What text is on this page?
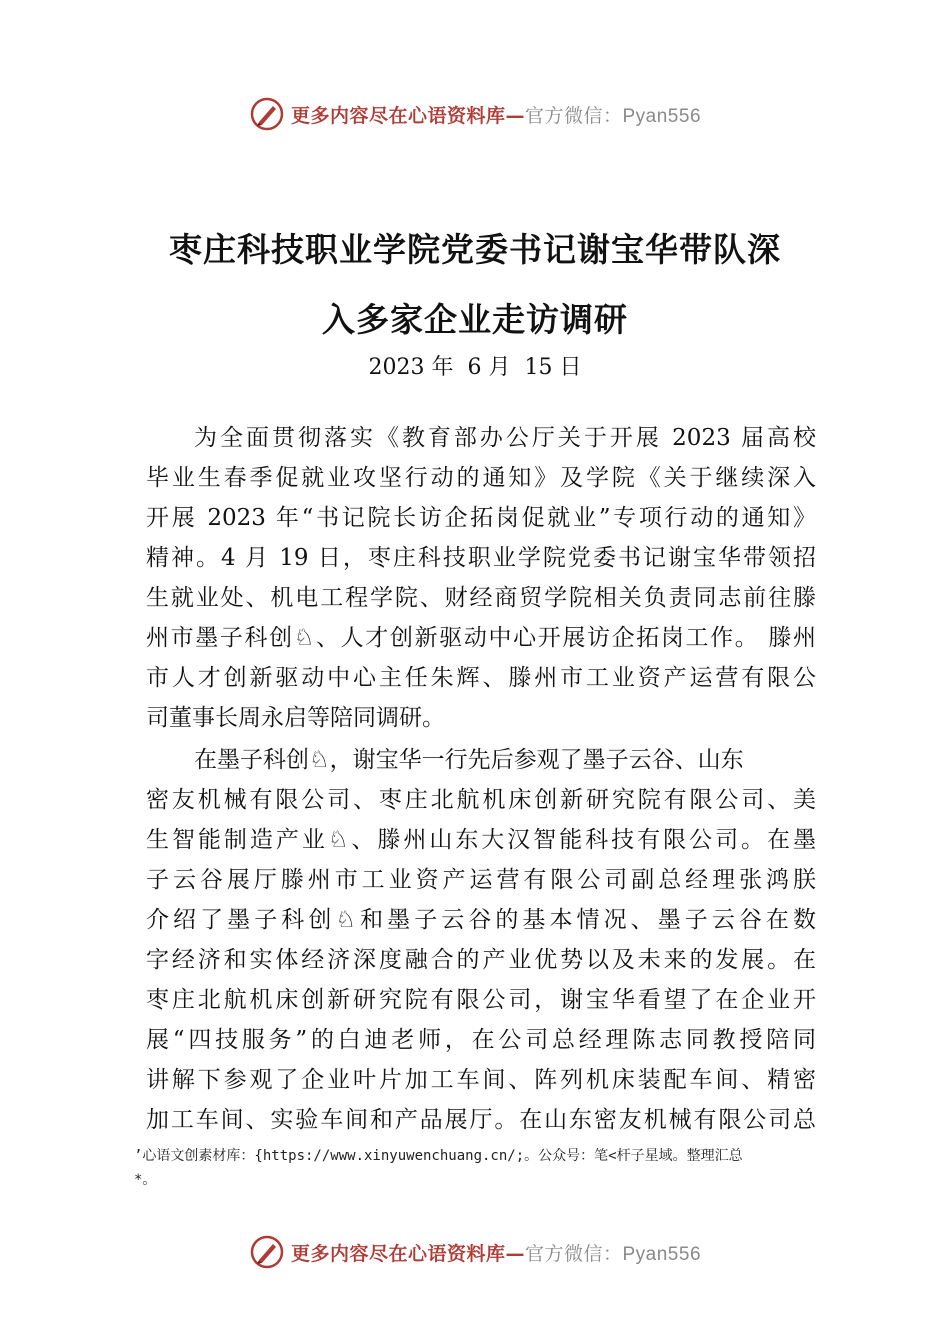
更多内容尽在心语资料库—官方微信：Pyan556
枣庄科技职业学院党委书记谢宝华带队深
入多家企业走访调研
2023 年  6 月  15 日
为全面贯彻落实《教育部办公厅关于开展 2023 届高校
毕业生春季促就业攻坚行动的通知》及学院《关于继续深入
开展 2023 年“书记院长访企拓岗促就业”专项行动的通知》
精神。4 月 19 日，枣庄科技职业学院党委书记谢宝华带领招
生就业处、机电工程学院、财经商贸学院相关负责同志前往滕
州市墨子科创♘、人才创新驱动中心开展访企拓岗工作。 滕州
市人才创新驱动中心主任朱辉、滕州市工业资产运营有限公
司董事长周永启等陪同调研。
在墨子科创♘，谢宝华一行先后参观了墨子云谷、山东
密友机械有限公司、枣庄北航机床创新研究院有限公司、美
生智能制造产业♘、滕州山东大汉智能科技有限公司。在墨
子云谷展厅滕州市工业资产运营有限公司副总经理张鸿朕
介绍了墨子科创♘和墨子云谷的基本情况、墨子云谷在数
字经济和实体经济深度融合的产业优势以及未来的发展。在
枣庄北航机床创新研究院有限公司，谢宝华看望了在企业开
展“四技服务”的白迪老师，在公司总经理陈志同教授陪同
讲解下参观了企业叶片加工车间、阵列机床装配车间、精密
加工车间、实验车间和产品展厅。在山东密友机械有限公司总
’心语文创素材库：{https://www.xinyuwenchuang.cn/;。公众号：笔<杆子星域。整理汇总
*。
更多内容尽在心语资料库—官方微信：Pyan556
